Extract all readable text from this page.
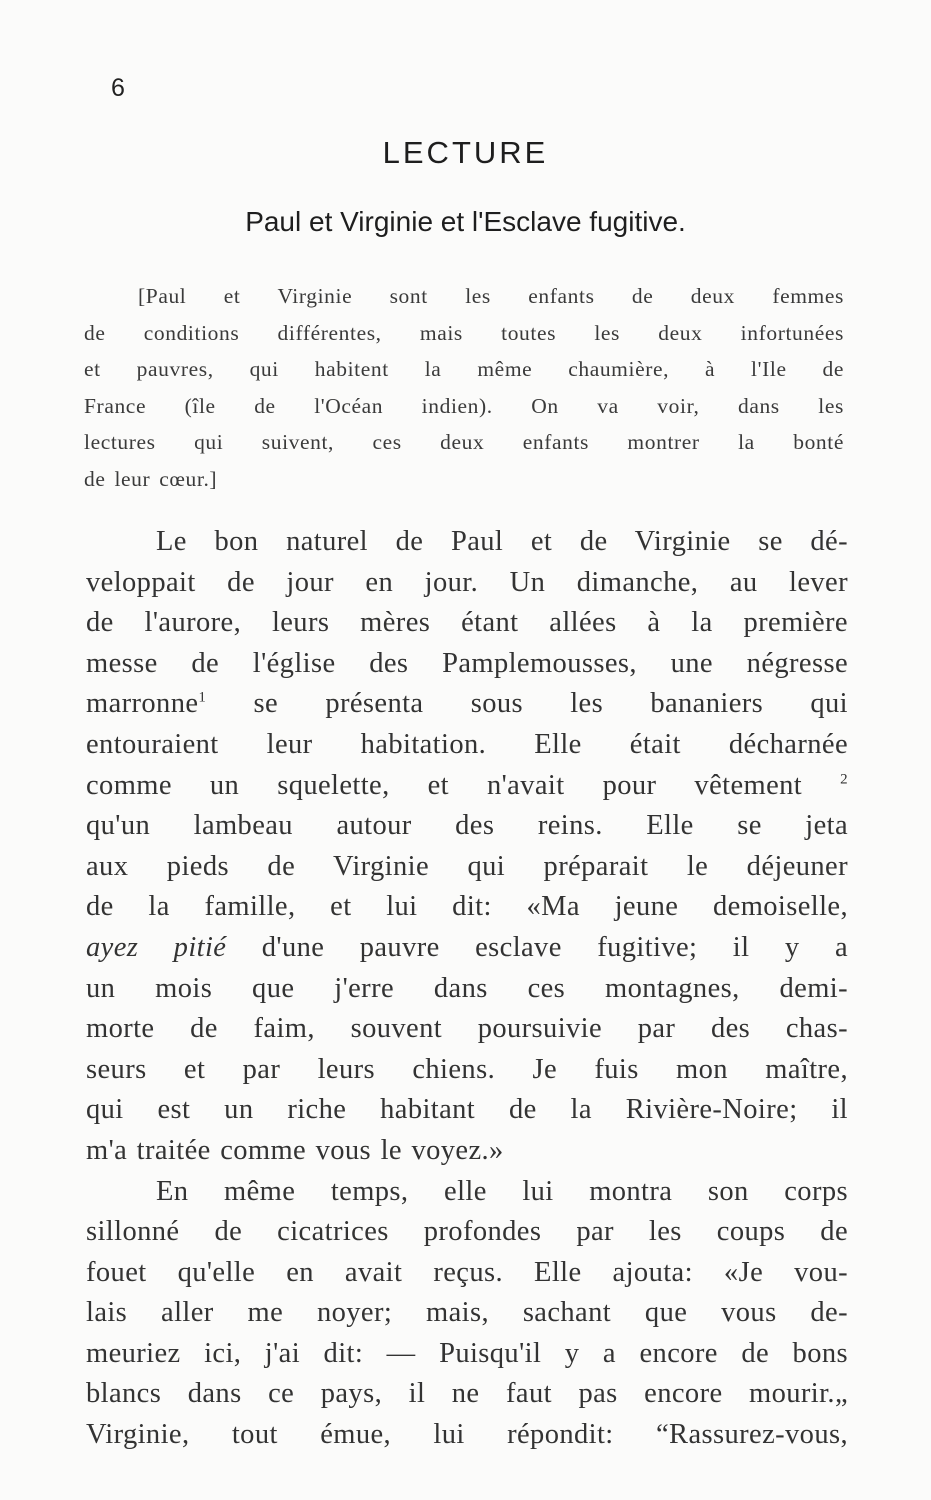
6
LECTURE
Paul et Virginie et l'Esclave fugitive.
[Paul et Virginie sont les enfants de deux femmes
de conditions différentes, mais toutes les deux infortunées
et pauvres, qui habitent la même chaumière, à l'Ile de
France (île de l'Océan indien). On va voir, dans les
lectures qui suivent, ces deux enfants montrer la bonté
de leur cœur.]
Le bon naturel de Paul et de Virginie se dé-
veloppait de jour en jour. Un dimanche, au lever
de l'aurore, leurs mères étant allées à la première
messe de l'église des Pamplemousses, une négresse
marronne$^1$ se présenta sous les bananiers qui
entouraient leur habitation. Elle était décharnée
comme un squelette, et n'avait pour vêtement $^2$
qu'un lambeau autour des reins. Elle se jeta
aux pieds de Virginie qui préparait le déjeuner
de la famille, et lui dit: «Ma jeune demoiselle,
ayez pitié d'une pauvre esclave fugitive; il y a
un mois que j'erre dans ces montagnes, demi-
morte de faim, souvent poursuivie par des chas-
seurs et par leurs chiens. Je fuis mon maître,
qui est un riche habitant de la Rivière-Noire; il
m'a traitée comme vous le voyez.»
En même temps, elle lui montra son corps
sillonné de cicatrices profondes par les coups de
fouet qu'elle en avait reçus. Elle ajouta: «Je vou-
lais aller me noyer; mais, sachant que vous de-
meuriez ici, j'ai dit: — Puisqu'il y a encore de bons
blancs dans ce pays, il ne faut pas encore mourir.„
Virginie, tout émue, lui répondit: “Rassurez-vous,
